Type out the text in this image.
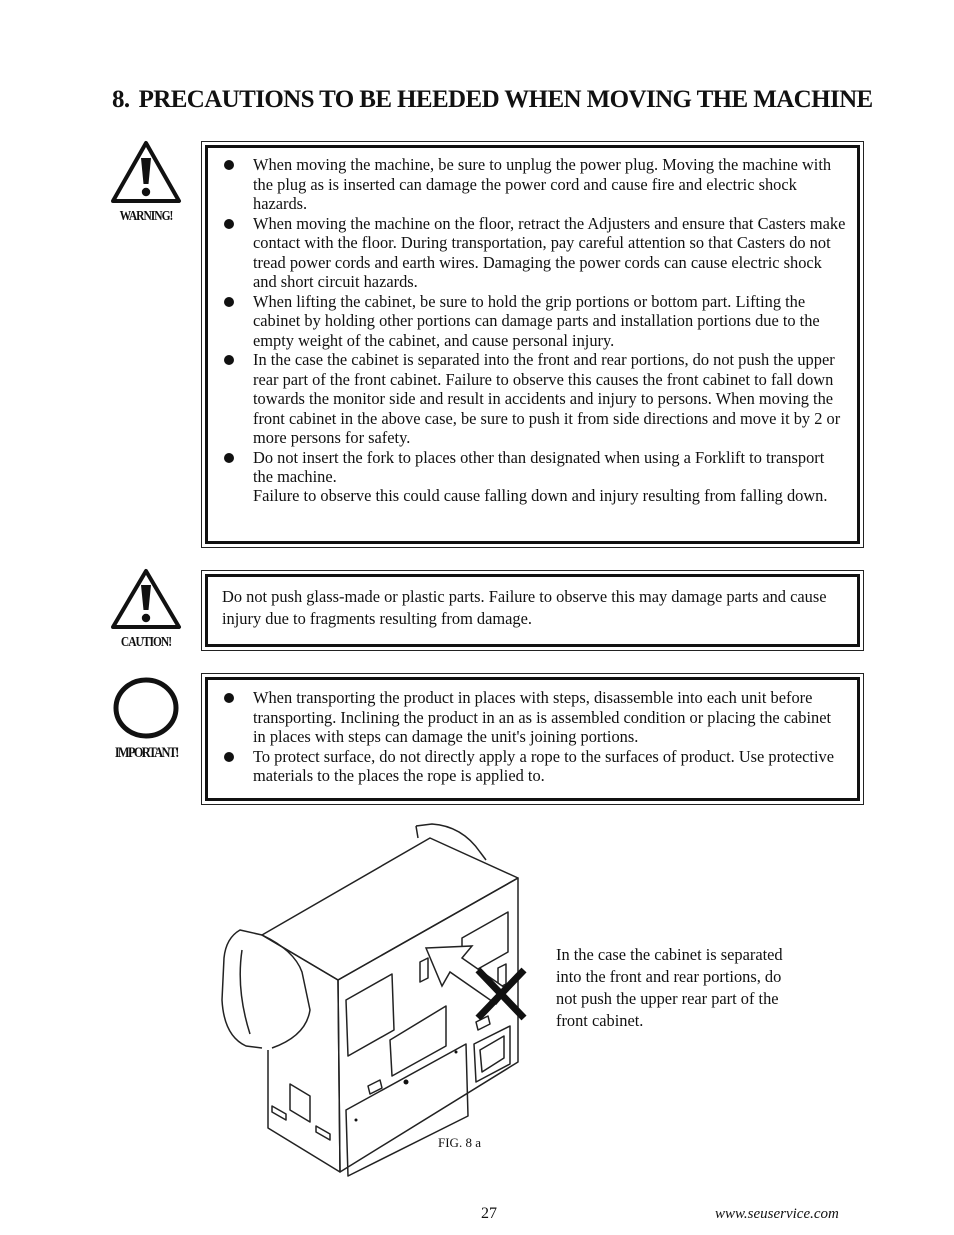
8. PRECAUTIONS TO BE HEEDED WHEN MOVING THE MACHINE
WARNING!
When moving the machine, be sure to unplug the power plug. Moving the machine with the plug as is inserted can damage the power cord and cause fire and electric shock hazards.
When moving the machine on the floor, retract the Adjusters and ensure that Casters make contact with the floor. During transportation, pay careful attention so that Casters do not tread power cords and earth wires. Damaging the power cords can cause electric shock and short circuit hazards.
When lifting the cabinet, be sure to hold the grip portions or bottom part. Lifting the cabinet by holding other portions can damage parts and installation portions due to the empty weight of the cabinet, and cause personal injury.
In the case the cabinet is separated into the front and rear portions, do not push the upper rear part of the front cabinet. Failure to observe this causes the front cabinet to fall down towards the monitor side and result in accidents and injury to persons. When moving the front cabinet in the above case, be sure to push it from side directions and move it by 2 or more persons for safety.
Do not insert the fork to places other than designated when using a Forklift to transport the machine.
Failure to observe this could cause falling down and injury resulting from falling down.
CAUTION!
Do not push glass-made or plastic parts. Failure to observe this may damage parts and cause injury due to fragments resulting from damage.
IMPORTANT!
When transporting the product in places with steps, disassemble into each unit before transporting. Inclining the product in an as is assembled condition or placing the cabinet in places with steps can damage the unit's joining portions.
To protect surface, do not directly apply a rope to the surfaces of product. Use protective materials to the places the rope is applied to.
In the case the cabinet is separated into the front and rear portions, do not push the upper rear part of the front cabinet.
FIG. 8 a
27	www.seuservice.com
